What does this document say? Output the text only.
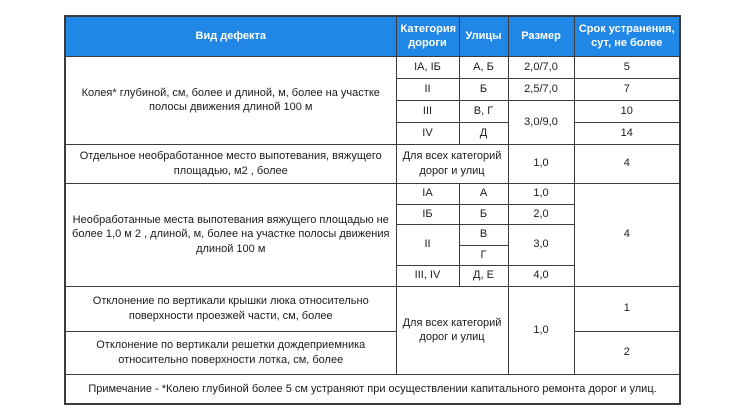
Вид дефекта	Категория дороги	Улицы	Размер	Срок устранения, сут, не более
Колея* глубиной, см, более и длиной, м, более на участке полосы движения длиной 100 м	IА, IБ	А, Б	2,0/7,0	5
	II	Б	2,5/7,0	7
	III	В, Г	3,0/9,0	10
	IV	Д		14
Отдельное необработанное место выпотевания, вяжущего площадью, м2 , более	Для всех категорий дорог и улиц		1,0	4
Необработанные места выпотевания вяжущего площадью не более 1,0 м 2 , длиной, м, более на участке полосы движения длиной 100 м	IА	А	1,0	4
	IБ	Б	2,0	
	II	В	3,0	
		Г		
	III, IV	Д, Е	4,0	
Отклонение по вертикали крышки люка относительно поверхности проезжей части, см, более	Для всех категорий дорог и улиц		1,0	1
Отклонение по вертикали решетки дождеприемника относительно поверхности лотка, см, более				2
Примечание - *Колею глубиной более 5 см устраняют при осуществлении капитального ремонта дорог и улиц.				
